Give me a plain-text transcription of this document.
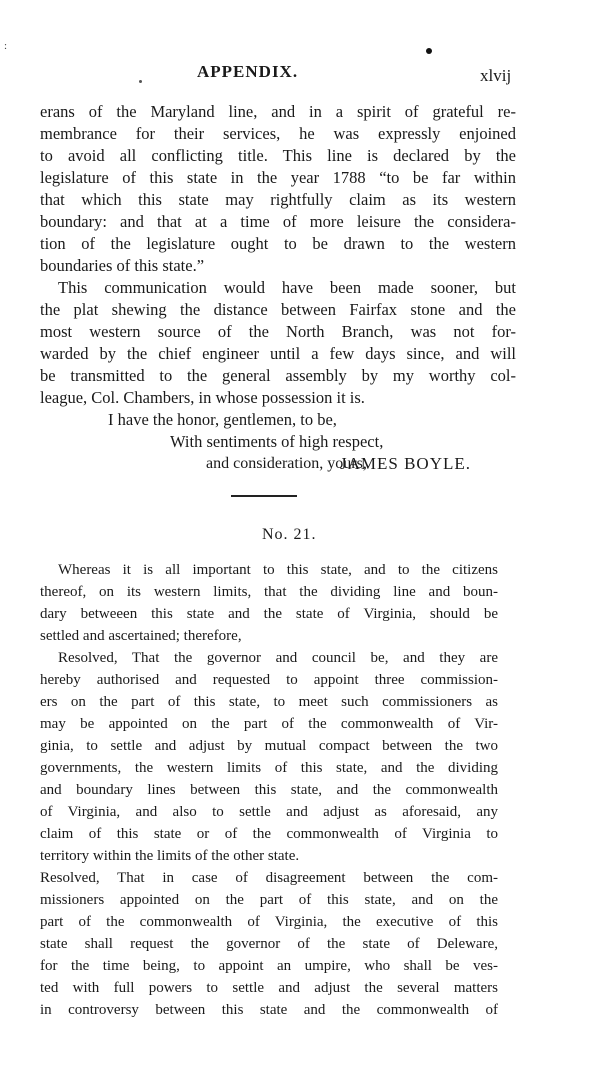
:
APPENDIX.	xlvij
erans of the Maryland line, and in a spirit of grateful re-
membrance for their services, he was expressly enjoined
to avoid all conflicting title. This line is declared by the
legislature of this state in the year 1788 “to be far within
that which this state may rightfully claim as its western
boundary: and that at a time of more leisure the considera-
tion of the legislature ought to be drawn to the western
boundaries of this state.”
This communication would have been made sooner, but
the plat shewing the distance between Fairfax stone and the
most western source of the North Branch, was not for-
warded by the chief engineer until a few days since, and will
be transmitted to the general assembly by my worthy col-
league, Col. Chambers, in whose possession it is.
I have the honor, gentlemen, to be,
With sentiments of high respect,
and consideration, yours,
JAMES BOYLE.
No. 21.
Whereas it is all important to this state, and to the citizens
thereof, on its western limits, that the dividing line and boun-
dary betweeen this state and the state of Virginia, should be
settled and ascertained; therefore,
Resolved, That the governor and council be, and they are
hereby authorised and requested to appoint three commission-
ers on the part of this state, to meet such commissioners as
may be appointed on the part of the commonwealth of Vir-
ginia, to settle and adjust by mutual compact between the two
governments, the western limits of this state, and the dividing
and boundary lines between this state, and the commonwealth
of Virginia, and also to settle and adjust as aforesaid, any
claim of this state or of the commonwealth of Virginia to
territory within the limits of the other state.
Resolved, That in case of disagreement between the com-
missioners appointed on the part of this state, and on the
part of the commonwealth of Virginia, the executive of this
state shall request the governor of the state of Deleware,
for the time being, to appoint an umpire, who shall be ves-
ted with full powers to settle and adjust the several matters
in controversy between this state and the commonwealth of
